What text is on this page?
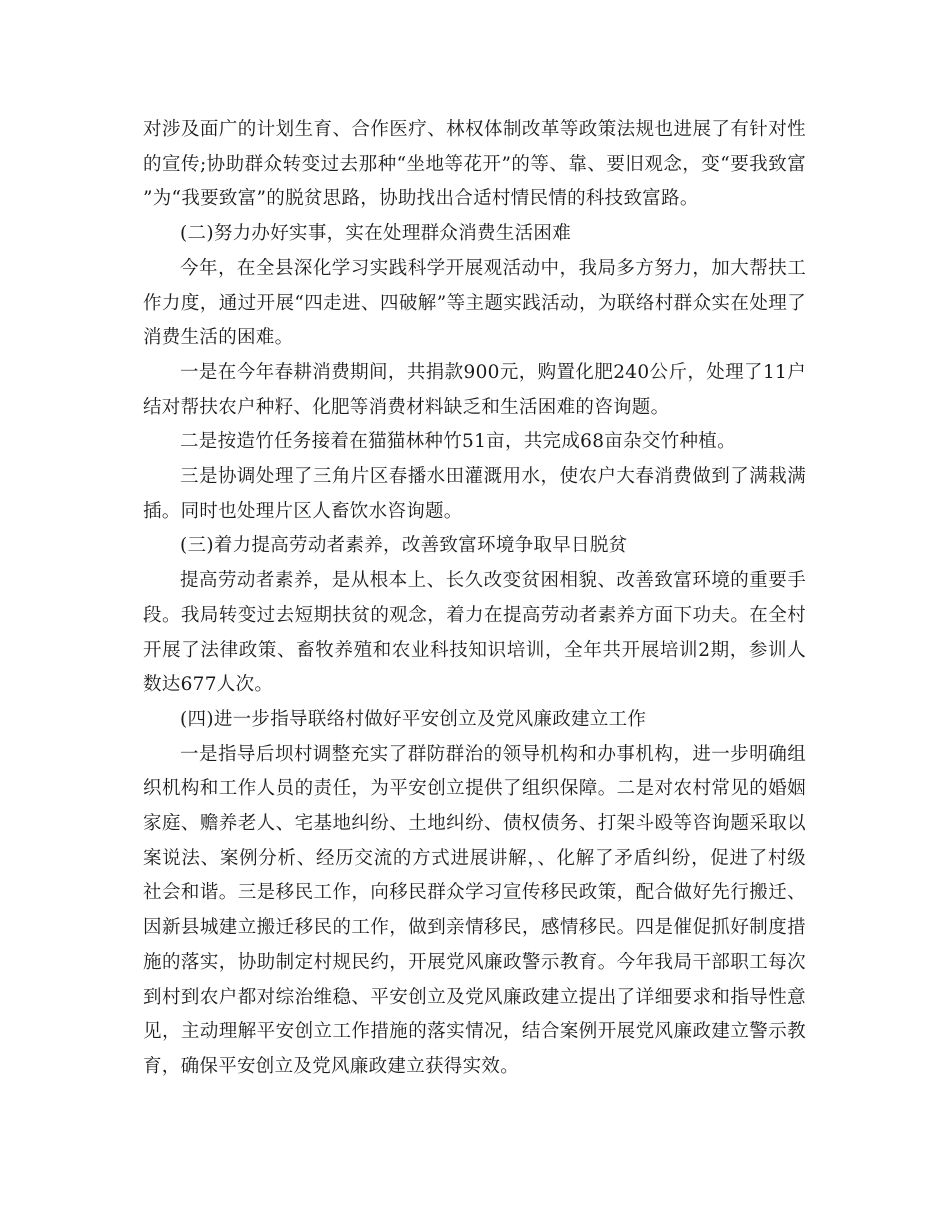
对涉及面广的计划生育、合作医疗、林权体制改革等政策法规也进展了有针对性的宣传;协助群众转变过去那种“坐地等花开”的等、靠、要旧观念，变“要我致富”为“我要致富”的脱贫思路，协助找出合适村情民情的科技致富路。

(二)努力办好实事，实在处理群众消费生活困难

今年，在全县深化学习实践科学开展观活动中，我局多方努力，加大帮扶工作力度，通过开展“四走进、四破解”等主题实践活动，为联络村群众实在处理了消费生活的困难。

一是在今年春耕消费期间，共捐款900元，购置化肥240公斤，处理了11户结对帮扶农户种籽、化肥等消费材料缺乏和生活困难的咨询题。

二是按造竹任务接着在猫猫林种竹51亩，共完成68亩杂交竹种植。

三是协调处理了三角片区春播水田灌溉用水，使农户大春消费做到了满栽满插。同时也处理片区人畜饮水咨询题。

(三)着力提高劳动者素养，改善致富环境争取早日脱贫

提高劳动者素养，是从根本上、长久改变贫困相貌、改善致富环境的重要手段。我局转变过去短期扶贫的观念，着力在提高劳动者素养方面下功夫。在全村开展了法律政策、畜牧养殖和农业科技知识培训，全年共开展培训2期，参训人数达677人次。

(四)进一步指导联络村做好平安创立及党风廉政建立工作

一是指导后坝村调整充实了群防群治的领导机构和办事机构，进一步明确组织机构和工作人员的责任，为平安创立提供了组织保障。二是对农村常见的婚姻家庭、赡养老人、宅基地纠纷、土地纠纷、债权债务、打架斗殴等咨询题采取以案说法、案例分析、经历交流的方式进展讲解，、化解了矛盾纠纷，促进了村级社会和谐。三是移民工作，向移民群众学习宣传移民政策，配合做好先行搬迁、因新县城建立搬迁移民的工作，做到亲情移民，感情移民。四是催促抓好制度措施的落实，协助制定村规民约，开展党风廉政警示教育。今年我局干部职工每次到村到农户都对综治维稳、平安创立及党风廉政建立提出了详细要求和指导性意见，主动理解平安创立工作措施的落实情况，结合案例开展党风廉政建立警示教育，确保平安创立及党风廉政建立获得实效。
